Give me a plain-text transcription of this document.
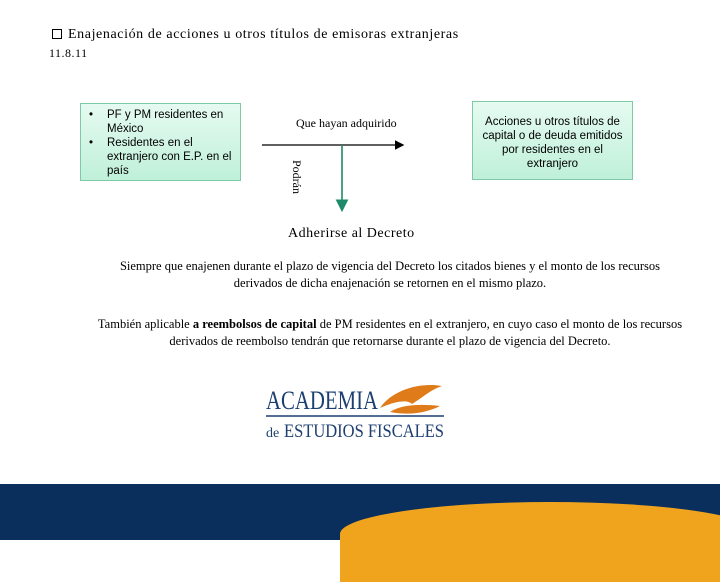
Enajenación de acciones u otros títulos de emisoras extranjeras
11.8.11
• PF y PM residentes en
México
• Residentes en el
extranjero con E.P. en el
país
Acciones u otros títulos de
capital o de deuda emitidos
por residentes en el
extranjero
Que hayan adquirido
Podrán
Adherirse al Decreto
Siempre que enajenen durante el plazo de vigencia del Decreto los citados bienes y el monto de los recursos derivados de dicha enajenación se retornen en el mismo plazo.
También aplicable a reembolsos de capital de PM residentes en el extranjero, en cuyo caso el monto de los recursos derivados de reembolso tendrán que retornarse durante el plazo de vigencia del Decreto.
ACADEMIA
de ESTUDIOS FISCALES
